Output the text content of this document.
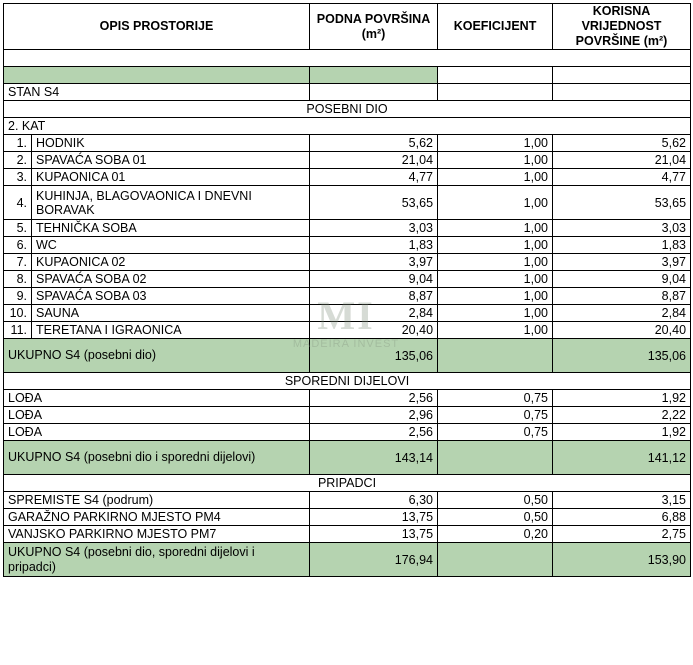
OPIS PROSTORIJE		PODNA POVRŠINA (m²)	KOEFICIJENT	KORISNA VRIJEDNOST POVRŠINE (m²)

STAN S4				
POSEBNI DIO				
2. KAT				
1.	HODNIK	5,62	1,00	5,62
2.	SPAVAĆA SOBA 01	21,04	1,00	21,04
3.	KUPAONICA 01	4,77	1,00	4,77
4.	KUHINJA, BLAGOVAONICA I DNEVNI BORAVAK	53,65	1,00	53,65
5.	TEHNIČKA SOBA	3,03	1,00	3,03
6.	WC	1,83	1,00	1,83
7.	KUPAONICA 02	3,97	1,00	3,97
8.	SPAVAĆA SOBA 02	9,04	1,00	9,04
9.	SPAVAĆA SOBA 03	8,87	1,00	8,87
10.	SAUNA	2,84	1,00	2,84
11.	TERETANA I IGRAONICA	20,40	1,00	20,40
UKUPNO S4 (posebni dio)		135,06		135,06
SPOREDNI DIJELOVI				
LOĐA		2,56	0,75	1,92
LOĐA		2,96	0,75	2,22
LOĐA		2,56	0,75	1,92
UKUPNO S4 (posebni dio i sporedni dijelovi)		143,14		141,12
PRIPADCI				
SPREMISTE S4 (podrum)		6,30	0,50	3,15
GARAŽNO PARKIRNO MJESTO PM4		13,75	0,50	6,88
VANJSKO PARKIRNO MJESTO PM7		13,75	0,20	2,75
UKUPNO S4 (posebni dio, sporedni dijelovi i pripadci)		176,94		153,90
MI
MADEIRA INVEST
